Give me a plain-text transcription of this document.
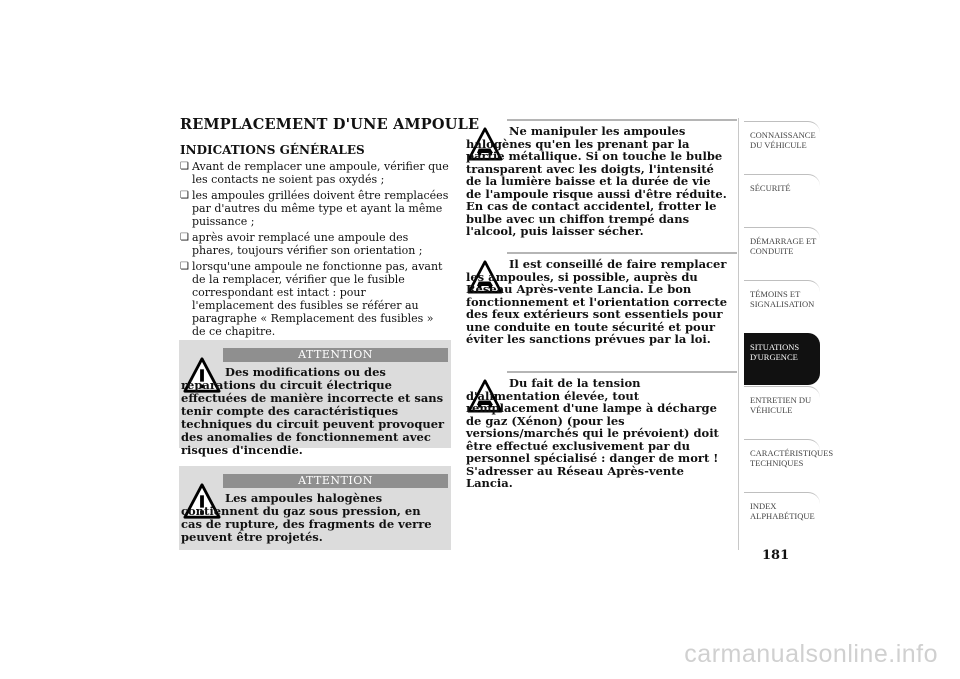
REMPLACEMENT D'UNE AMPOULE
INDICATIONS GÉNÉRALES
❏ Avant de remplacer une ampoule, vérifier que les contacts ne soient pas oxydés ;
❏ les ampoules grillées doivent être remplacées par d'autres du même type et ayant la même puissance ;
❏ après avoir remplacé une ampoule des phares, toujours vérifier son orientation ;
❏ lorsqu'une ampoule ne fonctionne pas, avant de la remplacer, vérifier que le fusible correspondant est intact : pour l'emplacement des fusibles se référer au paragraphe « Remplacement des fusibles » de ce chapitre.
ATTENTION
Des modifications ou des réparations du circuit électrique effectuées de manière incorrecte et sans tenir compte des caractéristiques techniques du circuit peuvent provoquer des anomalies de fonctionnement avec risques d'incendie.
ATTENTION
Les ampoules halogènes contiennent du gaz sous pression, en cas de rupture, des fragments de verre peuvent être projetés.
Ne manipuler les ampoules halogènes qu'en les prenant par la partie métallique. Si on touche le bulbe transparent avec les doigts, l'intensité de la lumière baisse et la durée de vie de l'ampoule risque aussi d'être réduite. En cas de contact accidentel, frotter le bulbe avec un chiffon trempé dans l'alcool, puis laisser sécher.
Il est conseillé de faire remplacer les ampoules, si possible, auprès du Réseau Après-vente Lancia. Le bon fonctionnement et l'orientation correcte des feux extérieurs sont essentiels pour une conduite en toute sécurité et pour éviter les sanctions prévues par la loi.
Du fait de la tension d'alimentation élevée, tout remplacement d'une lampe à décharge de gaz (Xénon) (pour les versions/marchés qui le prévoient) doit être effectué exclusivement par du personnel spécialisé : danger de mort ! S'adresser au Réseau Après-vente Lancia.
CONNAISSANCE DU VÉHICULE
SÉCURITÉ
DÉMARRAGE ET CONDUITE
TÉMOINS ET SIGNALISATION
SITUATIONS D'URGENCE
ENTRETIEN DU VÉHICULE
CARACTÉRISTIQUES TECHNIQUES
INDEX ALPHABÉTIQUE
181
carmanualsonline.info
